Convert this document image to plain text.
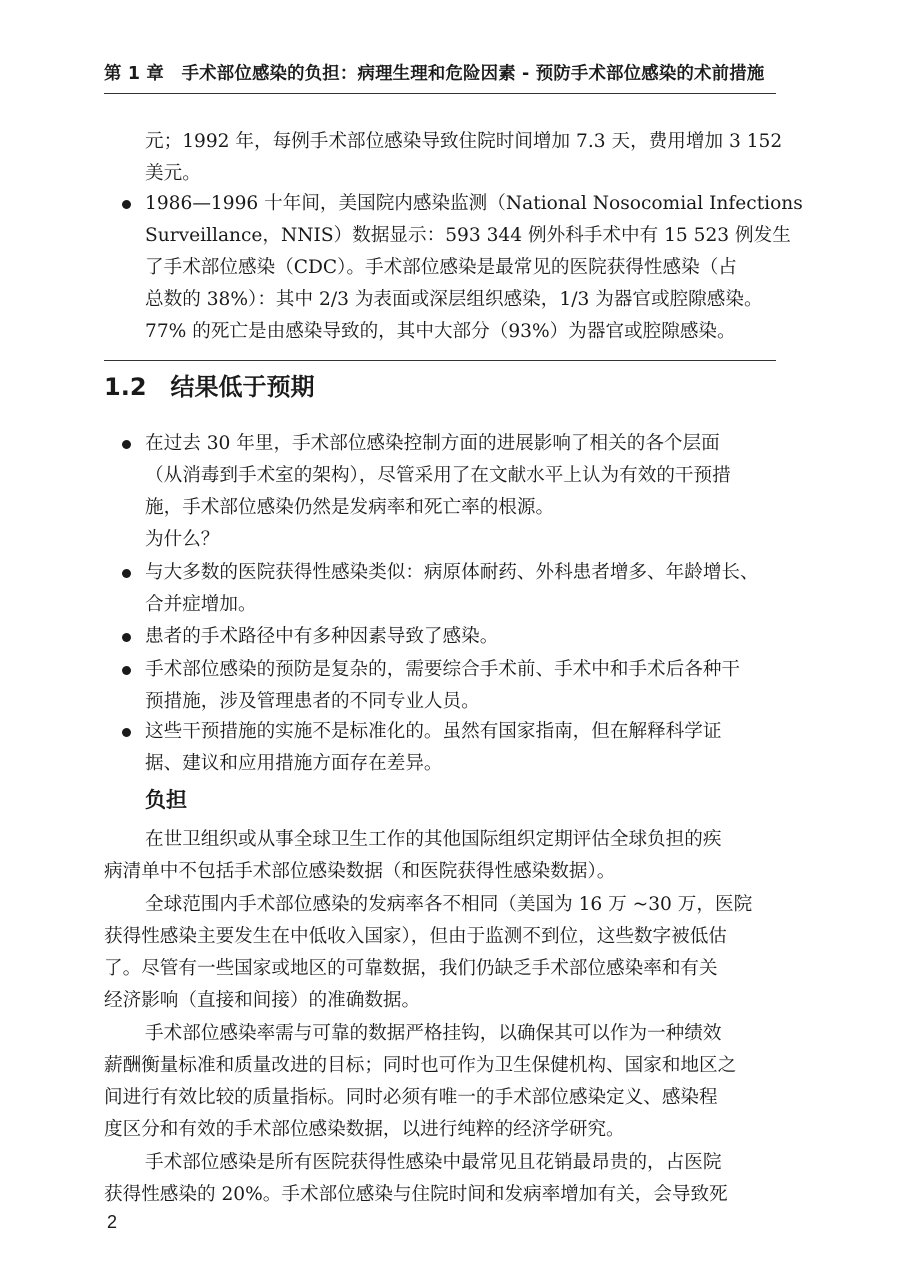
第 1 章　手术部位感染的负担：病理生理和危险因素 - 预防手术部位感染的术前措施
元；1992 年，每例手术部位感染导致住院时间增加 7.3 天，费用增加 3 152
美元。
1986—1996 十年间，美国院内感染监测（National Nosocomial Infections
Surveillance，NNIS）数据显示：593 344 例外科手术中有 15 523 例发生
了手术部位感染（CDC）。手术部位感染是最常见的医院获得性感染（占
总数的 38%）：其中 2/3 为表面或深层组织感染，1/3 为器官或腔隙感染。
77% 的死亡是由感染导致的，其中大部分（93%）为器官或腔隙感染。
1.2 结果低于预期
在过去 30 年里，手术部位感染控制方面的进展影响了相关的各个层面
（从消毒到手术室的架构），尽管采用了在文献水平上认为有效的干预措
施，手术部位感染仍然是发病率和死亡率的根源。
为什么？
与大多数的医院获得性感染类似：病原体耐药、外科患者增多、年龄增长、
合并症增加。
患者的手术路径中有多种因素导致了感染。
手术部位感染的预防是复杂的，需要综合手术前、手术中和手术后各种干
预措施，涉及管理患者的不同专业人员。
这些干预措施的实施不是标准化的。虽然有国家指南，但在解释科学证
据、建议和应用措施方面存在差异。
负担
在世卫组织或从事全球卫生工作的其他国际组织定期评估全球负担的疾
病清单中不包括手术部位感染数据（和医院获得性感染数据）。
全球范围内手术部位感染的发病率各不相同（美国为 16 万 ~30 万，医院
获得性感染主要发生在中低收入国家），但由于监测不到位，这些数字被低估
了。尽管有一些国家或地区的可靠数据，我们仍缺乏手术部位感染率和有关
经济影响（直接和间接）的准确数据。
手术部位感染率需与可靠的数据严格挂钩，以确保其可以作为一种绩效
薪酬衡量标准和质量改进的目标；同时也可作为卫生保健机构、国家和地区之
间进行有效比较的质量指标。同时必须有唯一的手术部位感染定义、感染程
度区分和有效的手术部位感染数据，以进行纯粹的经济学研究。
手术部位感染是所有医院获得性感染中最常见且花销最昂贵的，占医院
获得性感染的 20%。手术部位感染与住院时间和发病率增加有关，会导致死
2
